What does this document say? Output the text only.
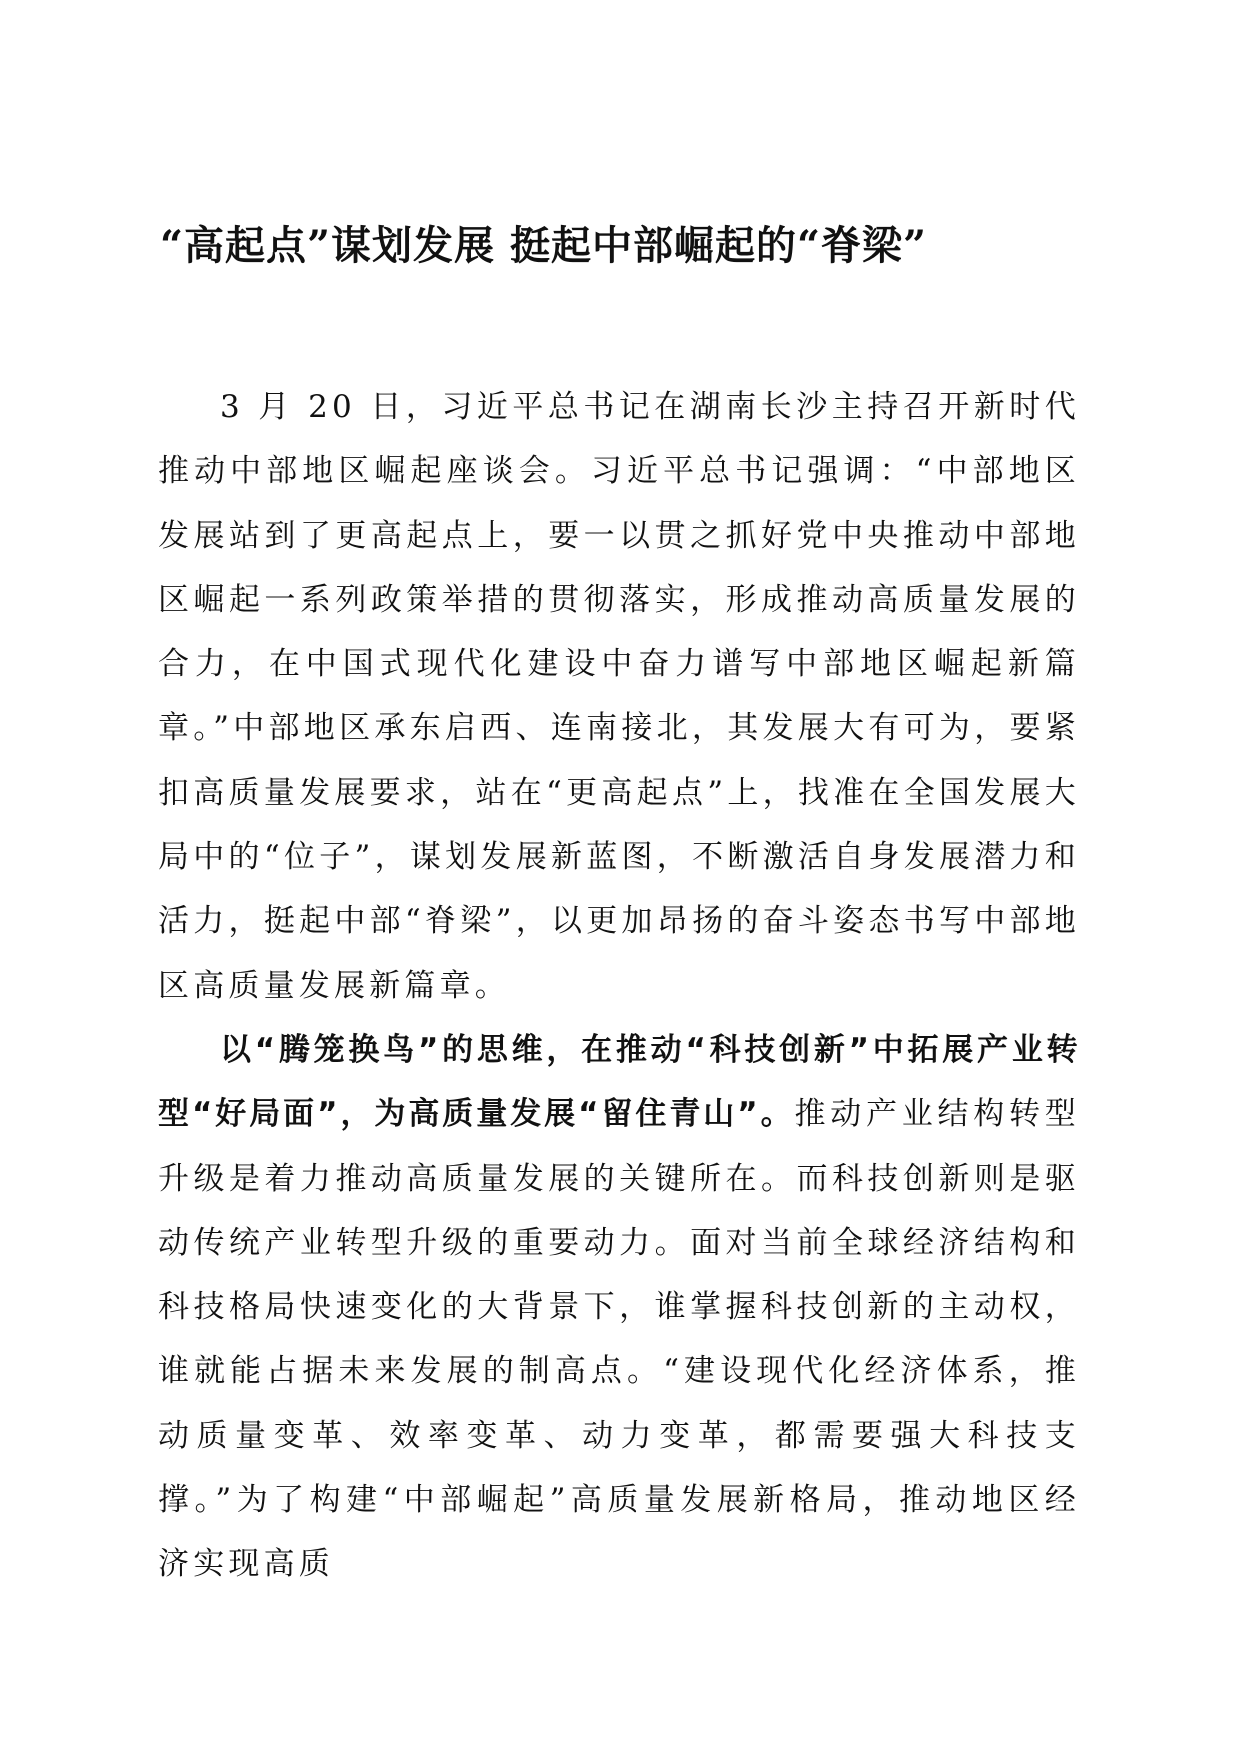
“高起点”谋划发展 挺起中部崛起的“脊梁”

3 月 20 日，习近平总书记在湖南长沙主持召开新时代推动中部地区崛起座谈会。习近平总书记强调：“中部地区发展站到了更高起点上，要一以贯之抓好党中央推动中部地区崛起一系列政策举措的贯彻落实，形成推动高质量发展的合力，在中国式现代化建设中奋力谱写中部地区崛起新篇章。”中部地区承东启西、连南接北，其发展大有可为，要紧扣高质量发展要求，站在“更高起点”上，找准在全国发展大局中的“位子”，谋划发展新蓝图，不断激活自身发展潜力和活力，挺起中部“脊梁”，以更加昂扬的奋斗姿态书写中部地区高质量发展新篇章。

以“腾笼换鸟”的思维，在推动“科技创新”中拓展产业转型“好局面”，为高质量发展“留住青山”。推动产业结构转型升级是着力推动高质量发展的关键所在。而科技创新则是驱动传统产业转型升级的重要动力。面对当前全球经济结构和科技格局快速变化的大背景下，谁掌握科技创新的主动权，谁就能占据未来发展的制高点。“建设现代化经济体系，推动质量变革、效率变革、动力变革，都需要强大科技支撑。”为了构建“中部崛起”高质量发展新格局，推动地区经济实现高质
